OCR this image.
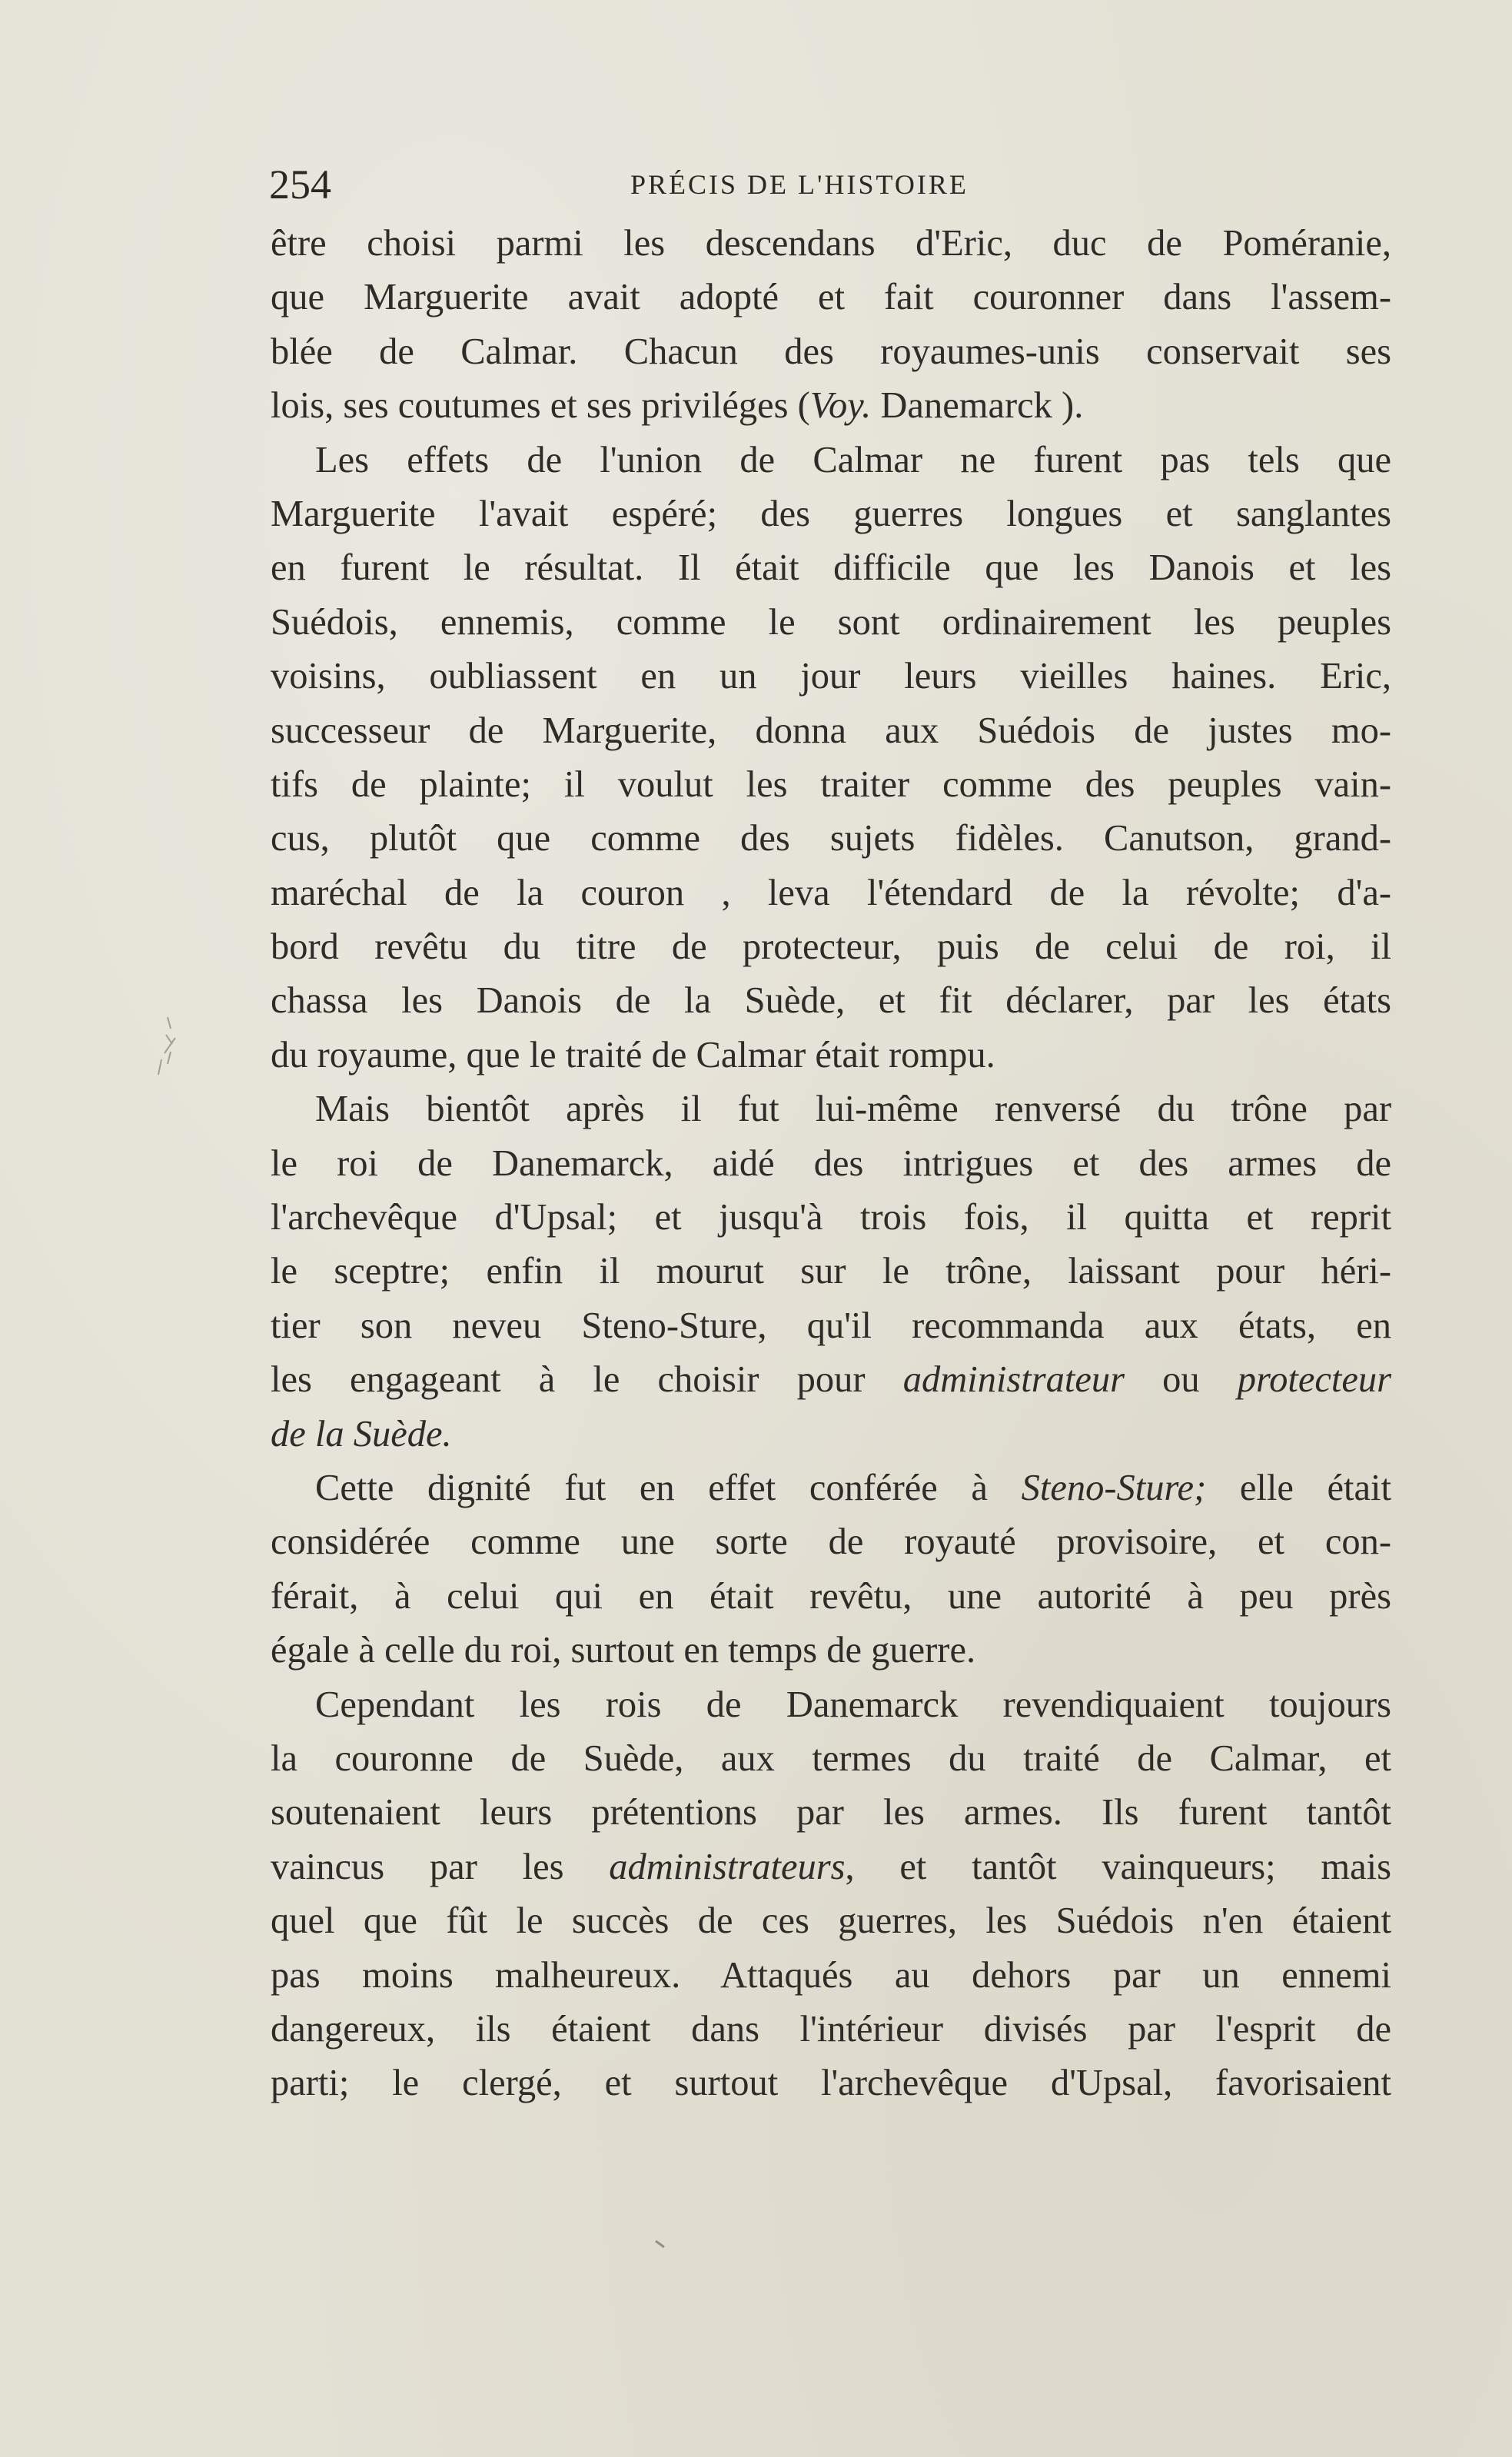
254	PRÉCIS DE L'HISTOIRE
être choisi parmi les descendans d'Eric, duc de Poméranie,
que Marguerite avait adopté et fait couronner dans l'assem-
blée de Calmar. Chacun des royaumes-unis conservait ses
lois, ses coutumes et ses priviléges (Voy. Danemarck ).
Les effets de l'union de Calmar ne furent pas tels que
Marguerite l'avait espéré; des guerres longues et sanglantes
en furent le résultat. Il était difficile que les Danois et les
Suédois, ennemis, comme le sont ordinairement les peuples
voisins, oubliassent en un jour leurs vieilles haines. Eric,
successeur de Marguerite, donna aux Suédois de justes mo-
tifs de plainte; il voulut les traiter comme des peuples vain-
cus, plutôt que comme des sujets fidèles. Canutson, grand-
maréchal de la couron , leva l'étendard de la révolte; d'a-
bord revêtu du titre de protecteur, puis de celui de roi, il
chassa les Danois de la Suède, et fit déclarer, par les états
du royaume, que le traité de Calmar était rompu.
Mais bientôt après il fut lui-même renversé du trône par
le roi de Danemarck, aidé des intrigues et des armes de
l'archevêque d'Upsal; et jusqu'à trois fois, il quitta et reprit
le sceptre; enfin il mourut sur le trône, laissant pour héri-
tier son neveu Steno-Sture, qu'il recommanda aux états, en
les engageant à le choisir pour administrateur ou protecteur
de la Suède.
Cette dignité fut en effet conférée à Steno-Sture; elle était
considérée comme une sorte de royauté provisoire, et con-
férait, à celui qui en était revêtu, une autorité à peu près
égale à celle du roi, surtout en temps de guerre.
Cependant les rois de Danemarck revendiquaient toujours
la couronne de Suède, aux termes du traité de Calmar, et
soutenaient leurs prétentions par les armes. Ils furent tantôt
vaincus par les administrateurs, et tantôt vainqueurs; mais
quel que fût le succès de ces guerres, les Suédois n'en étaient
pas moins malheureux. Attaqués au dehors par un ennemi
dangereux, ils étaient dans l'intérieur divisés par l'esprit de
parti; le clergé, et surtout l'archevêque d'Upsal, favorisaient
